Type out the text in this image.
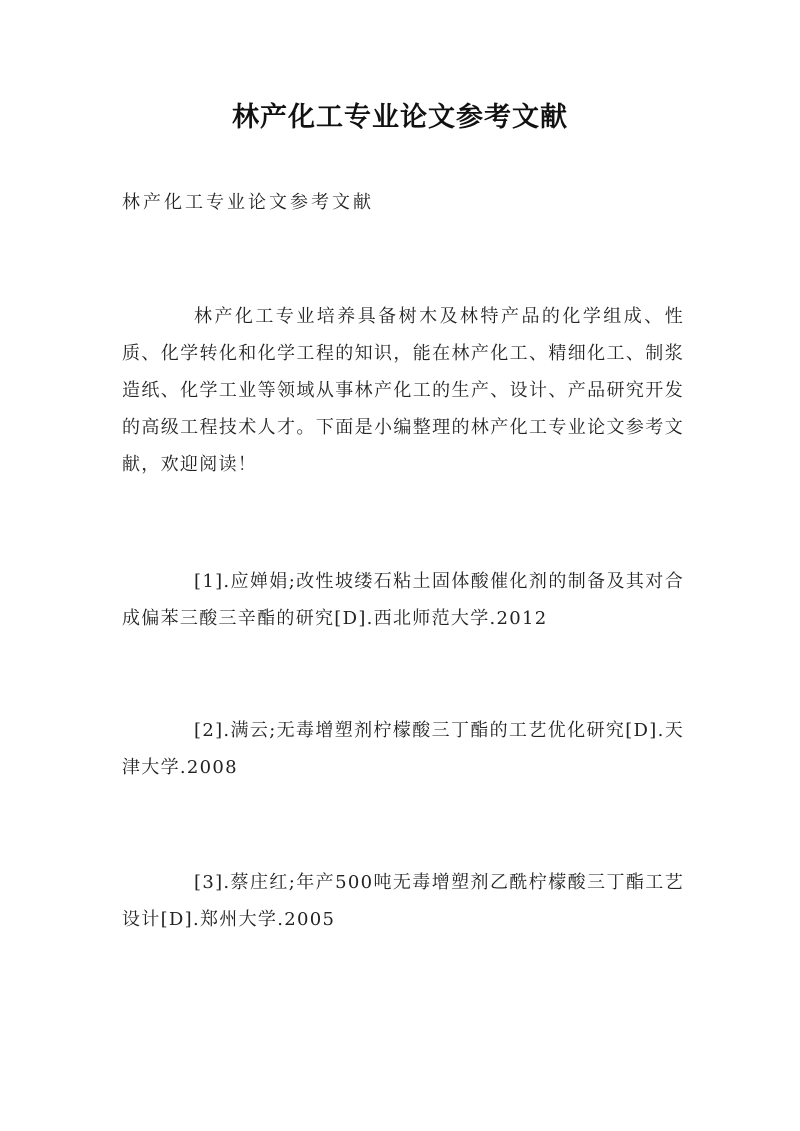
林产化工专业论文参考文献

林产化工专业论文参考文献

林产化工专业培养具备树木及林特产品的化学组成、性质、化学转化和化学工程的知识，能在林产化工、精细化工、制浆造纸、化学工业等领域从事林产化工的生产、设计、产品研究开发的高级工程技术人才。下面是小编整理的林产化工专业论文参考文献，欢迎阅读！

[1].应婵娟;改性坡缕石粘土固体酸催化剂的制备及其对合成偏苯三酸三辛酯的研究[D].西北师范大学.2012

[2].满云;无毒增塑剂柠檬酸三丁酯的工艺优化研究[D].天津大学.2008

[3].蔡庄红;年产500吨无毒增塑剂乙酰柠檬酸三丁酯工艺设计[D].郑州大学.2005
